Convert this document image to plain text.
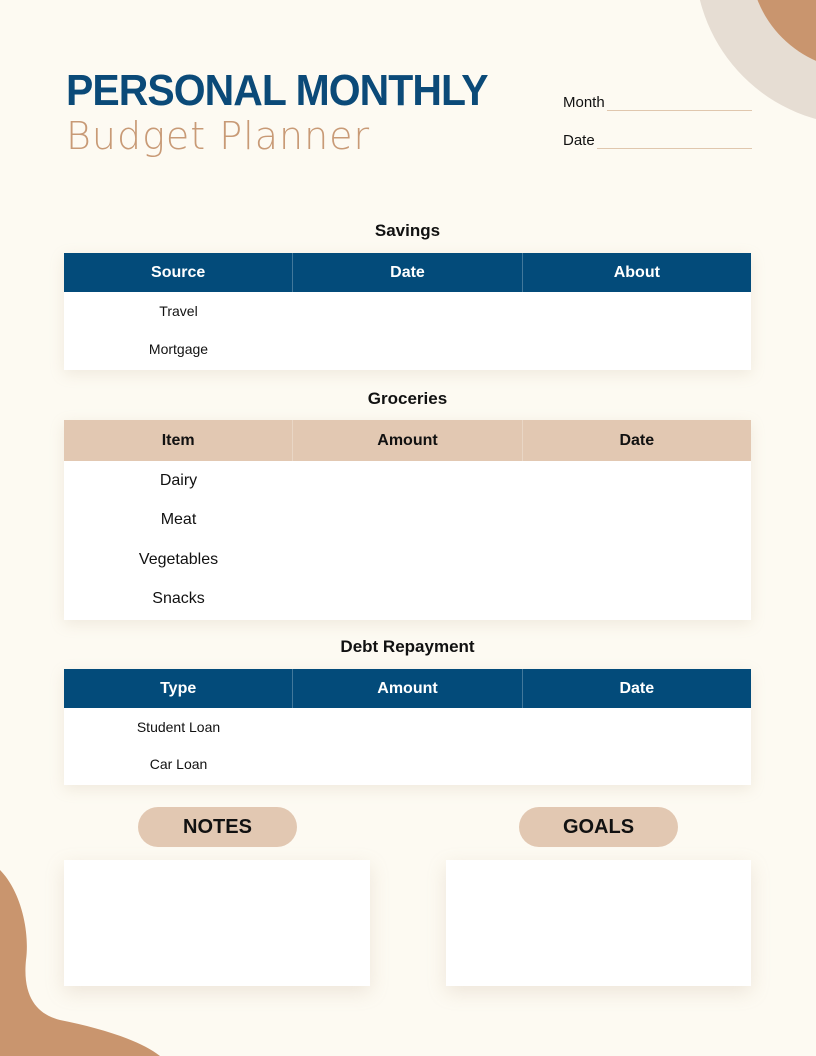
PERSONAL MONTHLY
Budget Planner
Month
Date
Savings
Source	Date	About
Travel
Mortgage
Groceries
Item	Amount	Date
Dairy
Meat
Vegetables
Snacks
Debt Repayment
Type	Amount	Date
Student Loan
Car Loan
NOTES	GOALS
